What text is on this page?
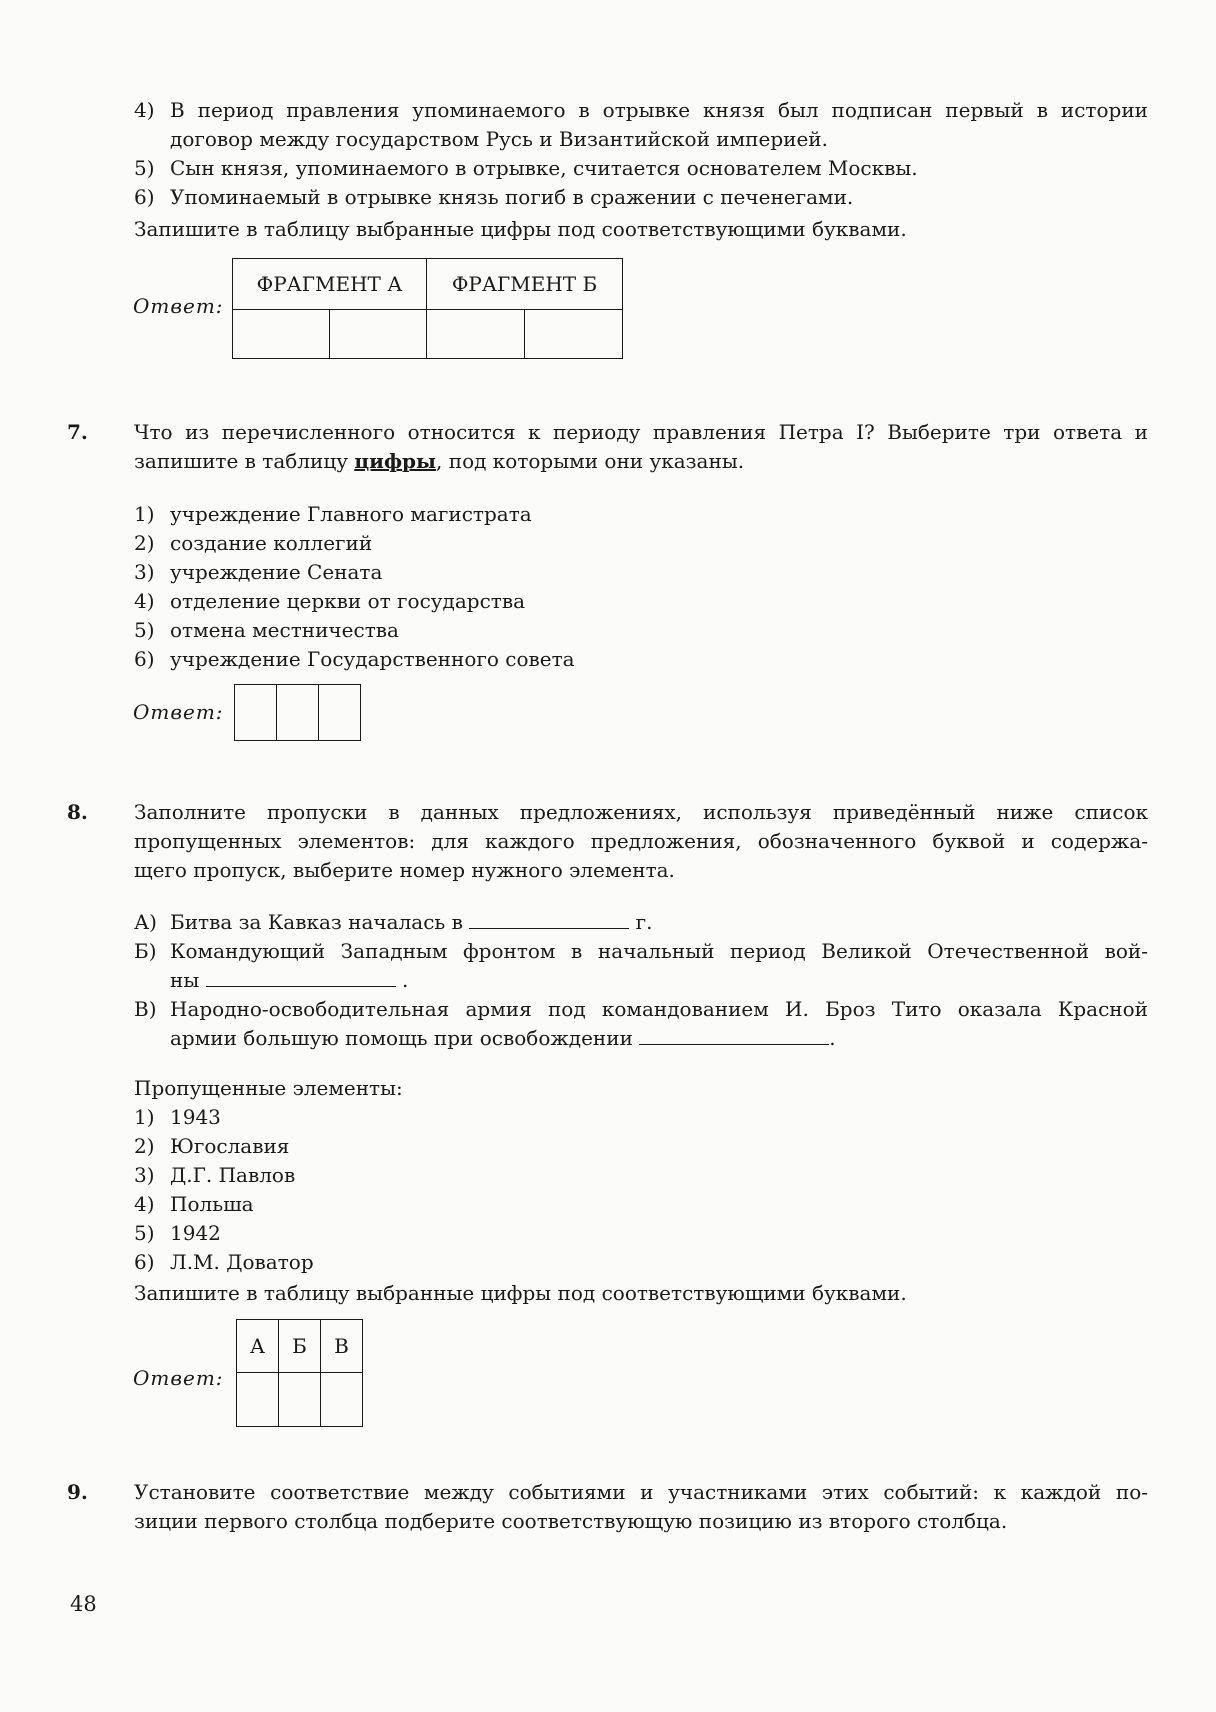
4) В период правления упоминаемого в отрывке князя был подписан первый в истории
договор между государством Русь и Византийской империей.
5) Сын князя, упоминаемого в отрывке, считается основателем Москвы.
6) Упоминаемый в отрывке князь погиб в сражении с печенегами.
Запишите в таблицу выбранные цифры под соответствующими буквами.
Ответ:
ФРАГМЕНТ А		ФРАГМЕНТ Б	

7. Что из перечисленного относится к периоду правления Петра I? Выберите три ответа и
запишите в таблицу цифры, под которыми они указаны.
1) учреждение Главного магистрата
2) создание коллегий
3) учреждение Сената
4) отделение церкви от государства
5) отмена местничества
6) учреждение Государственного совета
Ответ:

8. Заполните пропуски в данных предложениях, используя приведённый ниже список
пропущенных элементов: для каждого предложения, обозначенного буквой и содержа-
щего пропуск, выберите номер нужного элемента.
А) Битва за Кавказ началась в	г.
Б) Командующий Западным фронтом в начальный период Великой Отечественной вой-
ны	.
В) Народно-освободительная армия под командованием И. Броз Тито оказала Красной
армии большую помощь при освобождении	.
Пропущенные элементы:
1) 1943
2) Югославия
3) Д.Г. Павлов
4) Польша
5) 1942
6) Л.М. Доватор
Запишите в таблицу выбранные цифры под соответствующими буквами.
Ответ:
А	Б	В

9. Установите соответствие между событиями и участниками этих событий: к каждой по-
зиции первого столбца подберите соответствующую позицию из второго столбца.
48
